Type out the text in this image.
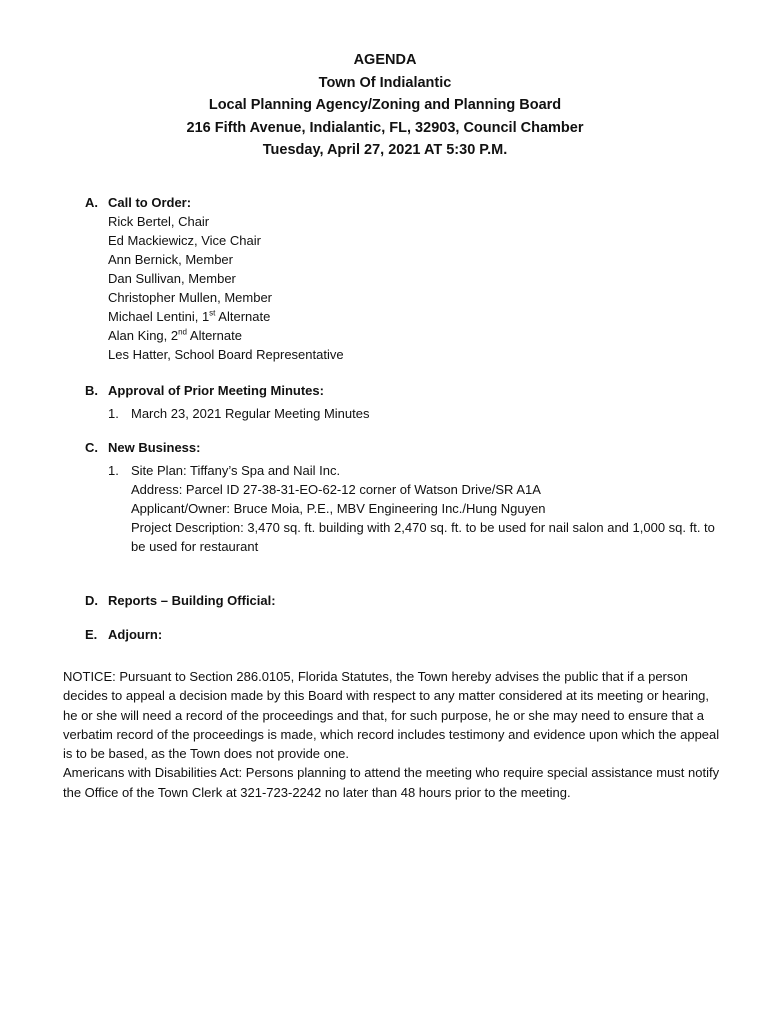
AGENDA
Town Of Indialantic
Local Planning Agency/Zoning and Planning Board
216 Fifth Avenue, Indialantic, FL, 32903, Council Chamber
Tuesday, April 27, 2021 AT 5:30 P.M.
A. Call to Order:
Rick Bertel, Chair
Ed Mackiewicz, Vice Chair
Ann Bernick, Member
Dan Sullivan, Member
Christopher Mullen, Member
Michael Lentini, 1st Alternate
Alan King, 2nd Alternate
Les Hatter, School Board Representative
B. Approval of Prior Meeting Minutes:
1. March 23, 2021 Regular Meeting Minutes
C. New Business:
1. Site Plan: Tiffany’s Spa and Nail Inc.
Address: Parcel ID 27-38-31-EO-62-12 corner of Watson Drive/SR A1A
Applicant/Owner: Bruce Moia, P.E., MBV Engineering Inc./Hung Nguyen
Project Description: 3,470 sq. ft. building with 2,470 sq. ft. to be used for nail salon and 1,000 sq. ft. to be used for restaurant
D. Reports – Building Official:
E. Adjourn:
NOTICE: Pursuant to Section 286.0105, Florida Statutes, the Town hereby advises the public that if a person decides to appeal a decision made by this Board with respect to any matter considered at its meeting or hearing, he or she will need a record of the proceedings and that, for such purpose, he or she may need to ensure that a verbatim record of the proceedings is made, which record includes testimony and evidence upon which the appeal is to be based, as the Town does not provide one.
Americans with Disabilities Act: Persons planning to attend the meeting who require special assistance must notify the Office of the Town Clerk at 321-723-2242 no later than 48 hours prior to the meeting.
